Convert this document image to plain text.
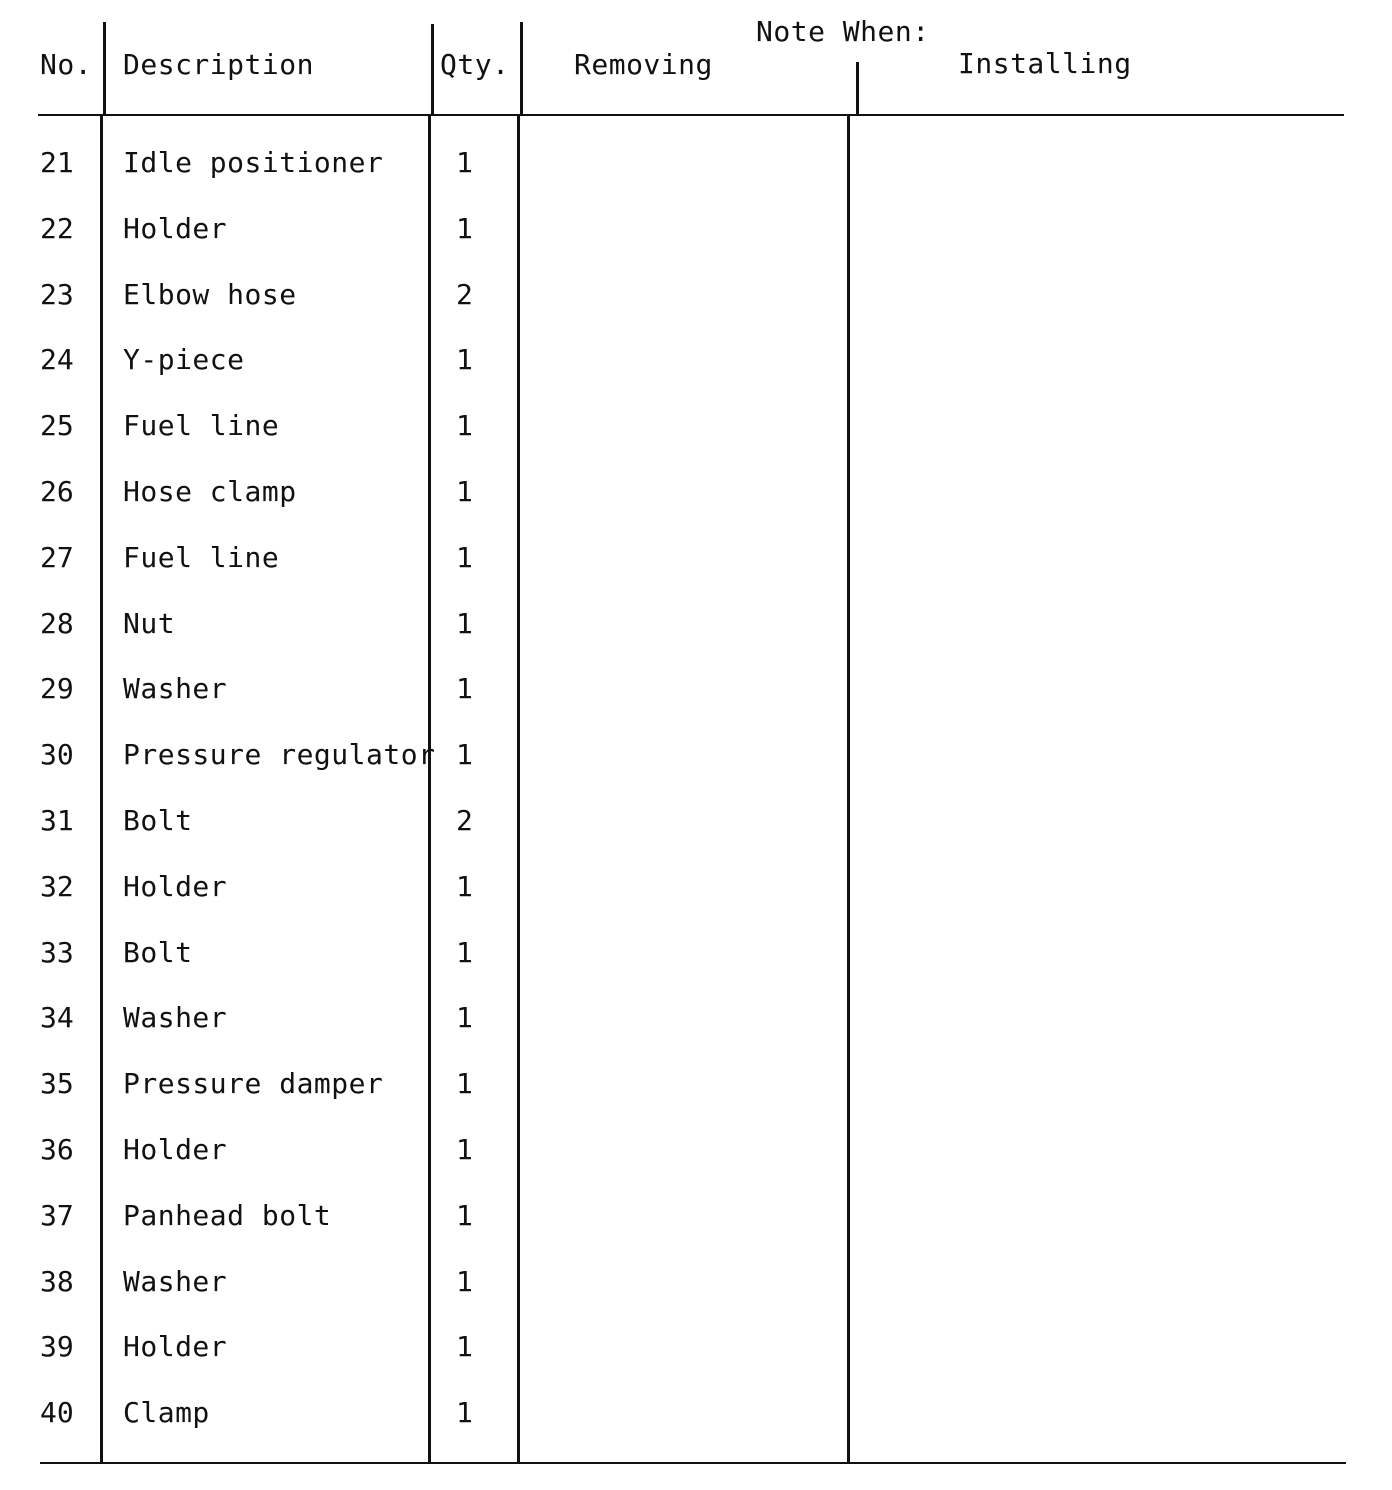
No. Description	Qty.
Note When:
Removing	Installing
21 Idle positioner	1
22 Holder	1
23 Elbow hose	2
24 Y-piece	1
25 Fuel line	1
26 Hose clamp	1
27 Fuel line	1
28 Nut	1
29 Washer	1
30 Pressure regulator 1
31 Bolt	2
32 Holder	1
33 Bolt	1
34 Washer	1
35 Pressure damper	1
36 Holder	1
37 Panhead bolt	1
38 Washer	1
39 Holder	1
40 Clamp	1
